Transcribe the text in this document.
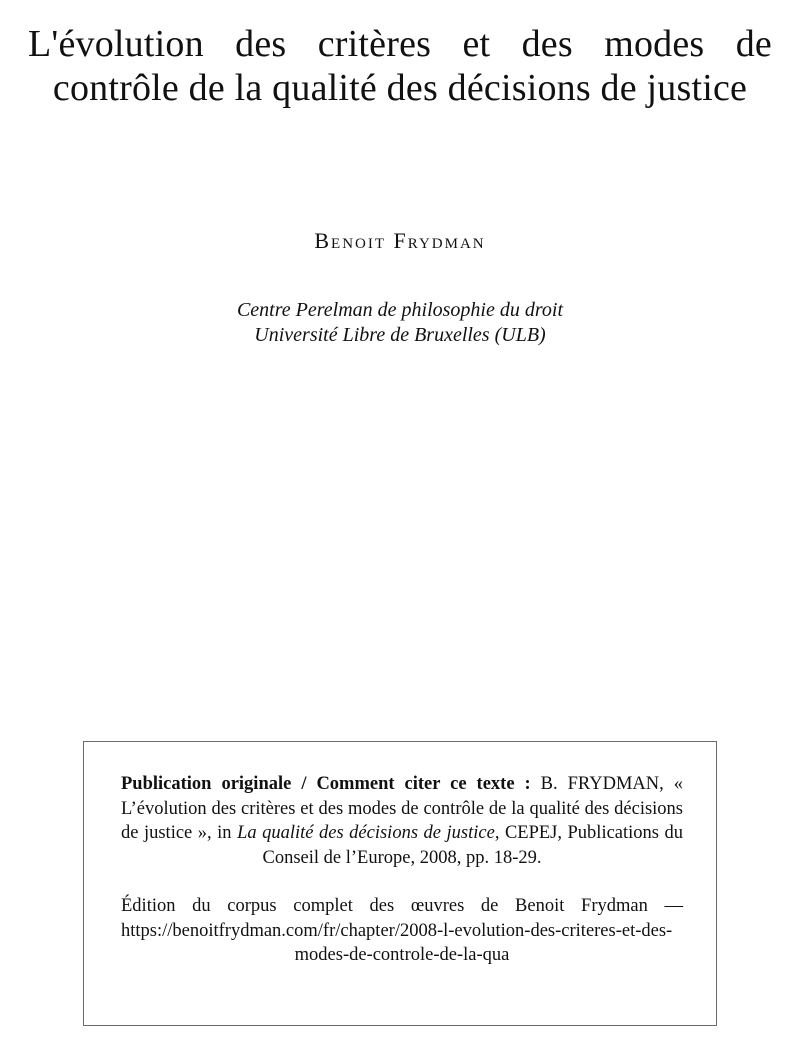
L'évolution des critères et des modes de contrôle de la qualité des décisions de justice
Benoit Frydman
Centre Perelman de philosophie du droit
Université Libre de Bruxelles (ULB)

Publication originale / Comment citer ce texte : B. FRYDMAN, « L’évolution des critères et des modes de contrôle de la qualité des décisions de justice », in La qualité des décisions de justice, CEPEJ, Publications du Conseil de l’Europe, 2008, pp. 18-29.

Édition du corpus complet des œuvres de Benoit Frydman — https://benoitfrydman.com/fr/chapter/2008-l-evolution-des-criteres-et-des-modes-de-controle-de-la-qua
